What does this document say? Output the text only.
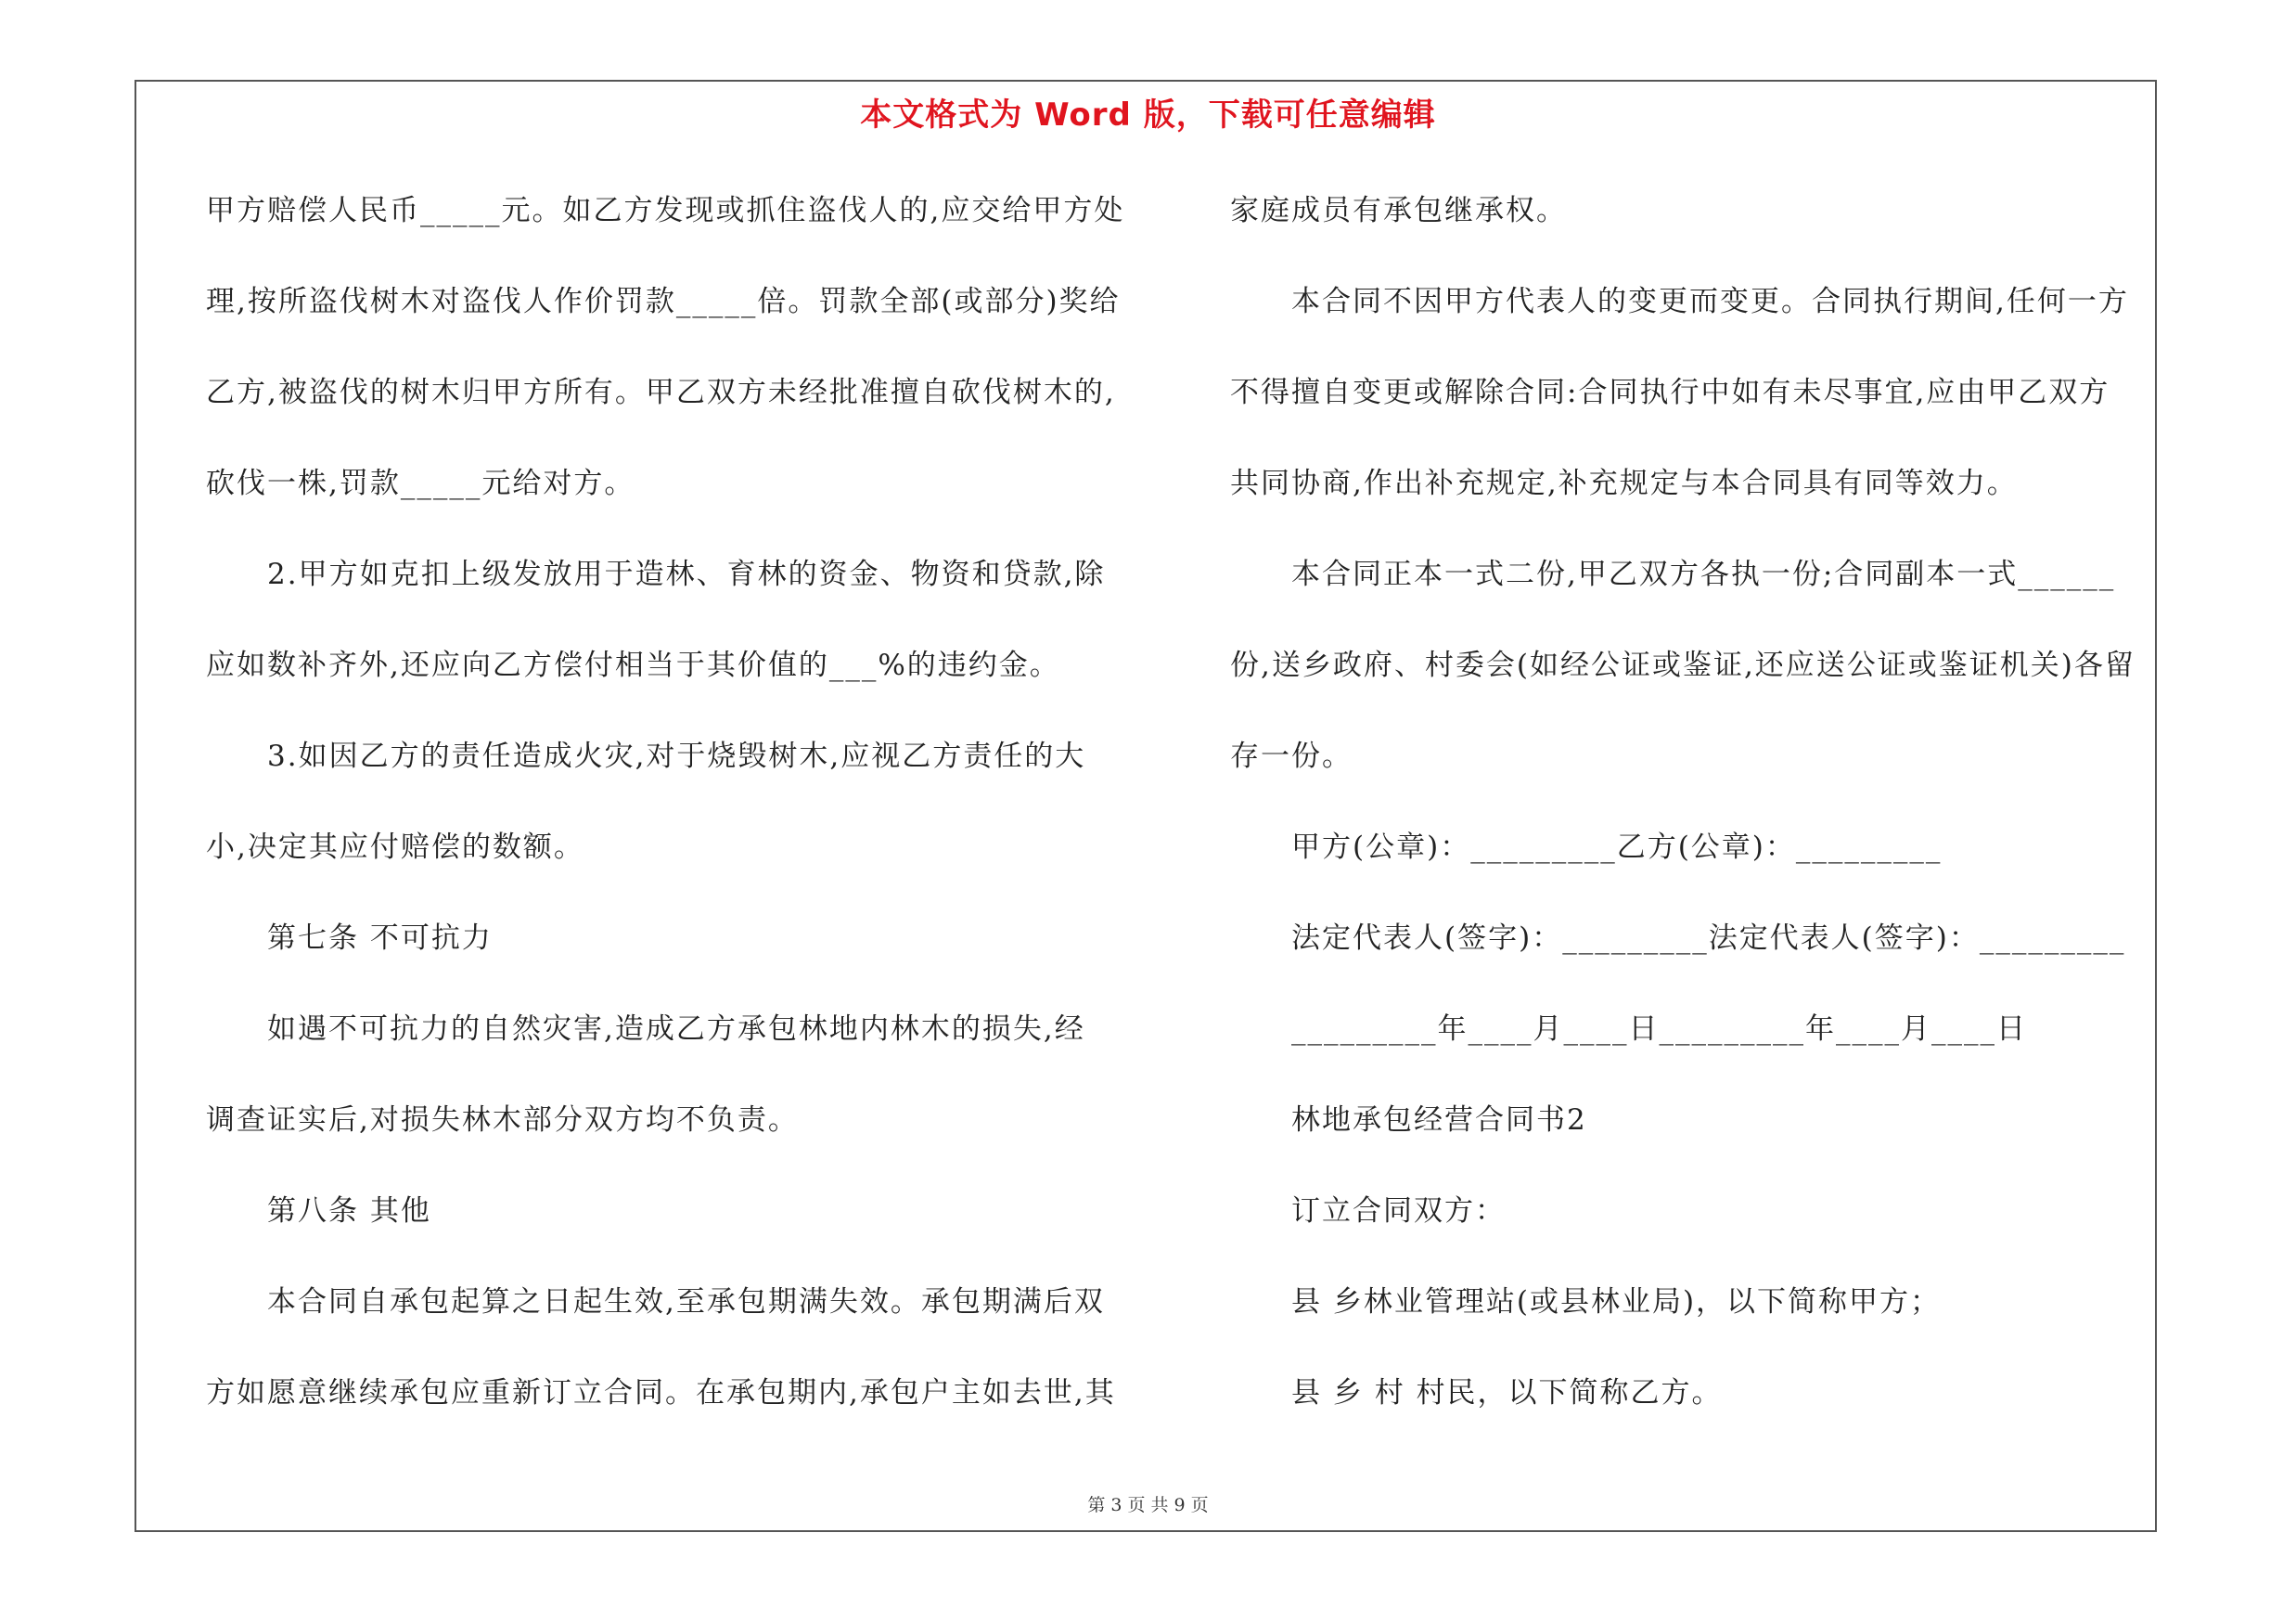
本文格式为 Word 版，下载可任意编辑
甲方赔偿人民币_____元。如乙方发现或抓住盗伐人的,应交给甲方处
理,按所盗伐树木对盗伐人作价罚款_____倍。罚款全部(或部分)奖给
乙方,被盗伐的树木归甲方所有。甲乙双方未经批准擅自砍伐树木的,
砍伐一株,罚款_____元给对方。
2.甲方如克扣上级发放用于造林、育林的资金、物资和贷款,除
应如数补齐外,还应向乙方偿付相当于其价值的___%的违约金。
3.如因乙方的责任造成火灾,对于烧毁树木,应视乙方责任的大
小,决定其应付赔偿的数额。
第七条 不可抗力
如遇不可抗力的自然灾害,造成乙方承包林地内林木的损失,经
调查证实后,对损失林木部分双方均不负责。
第八条 其他
本合同自承包起算之日起生效,至承包期满失效。承包期满后双
方如愿意继续承包应重新订立合同。在承包期内,承包户主如去世,其
家庭成员有承包继承权。
本合同不因甲方代表人的变更而变更。合同执行期间,任何一方
不得擅自变更或解除合同:合同执行中如有未尽事宜,应由甲乙双方
共同协商,作出补充规定,补充规定与本合同具有同等效力。
本合同正本一式二份,甲乙双方各执一份;合同副本一式______
份,送乡政府、村委会(如经公证或鉴证,还应送公证或鉴证机关)各留
存一份。
甲方(公章)：_________乙方(公章)：_________
法定代表人(签字)：_________法定代表人(签字)：_________
_________年____月____日_________年____月____日
林地承包经营合同书2
订立合同双方：
县 乡林业管理站(或县林业局)，以下简称甲方；
县 乡 村 村民，以下简称乙方。
第 3 页 共 9 页
